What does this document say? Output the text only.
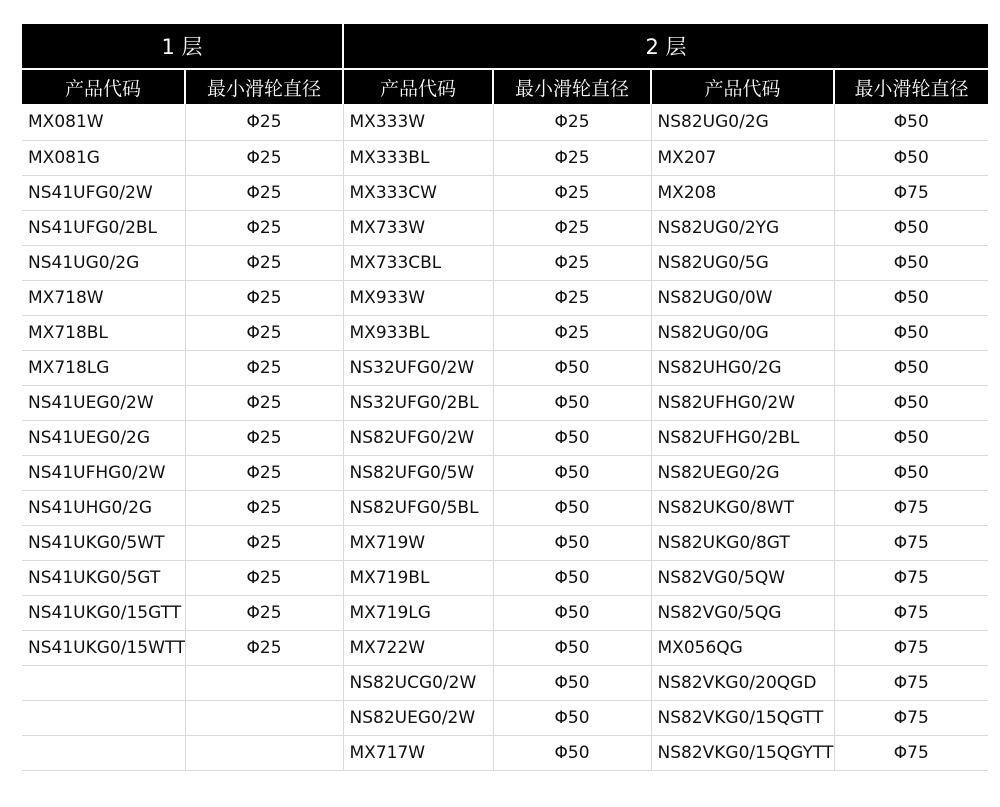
1 层		2 层			
产品代码	最小滑轮直径	产品代码	最小滑轮直径	产品代码	最小滑轮直径
MX081W	Φ25	MX333W	Φ25	NS82UG0/2G	Φ50
MX081G	Φ25	MX333BL	Φ25	MX207	Φ50
NS41UFG0/2W	Φ25	MX333CW	Φ25	MX208	Φ75
NS41UFG0/2BL	Φ25	MX733W	Φ25	NS82UG0/2YG	Φ50
NS41UG0/2G	Φ25	MX733CBL	Φ25	NS82UG0/5G	Φ50
MX718W	Φ25	MX933W	Φ25	NS82UG0/0W	Φ50
MX718BL	Φ25	MX933BL	Φ25	NS82UG0/0G	Φ50
MX718LG	Φ25	NS32UFG0/2W	Φ50	NS82UHG0/2G	Φ50
NS41UEG0/2W	Φ25	NS32UFG0/2BL	Φ50	NS82UFHG0/2W	Φ50
NS41UEG0/2G	Φ25	NS82UFG0/2W	Φ50	NS82UFHG0/2BL	Φ50
NS41UFHG0/2W	Φ25	NS82UFG0/5W	Φ50	NS82UEG0/2G	Φ50
NS41UHG0/2G	Φ25	NS82UFG0/5BL	Φ50	NS82UKG0/8WT	Φ75
NS41UKG0/5WT	Φ25	MX719W	Φ50	NS82UKG0/8GT	Φ75
NS41UKG0/5GT	Φ25	MX719BL	Φ50	NS82VG0/5QW	Φ75
NS41UKG0/15GTT	Φ25	MX719LG	Φ50	NS82VG0/5QG	Φ75
NS41UKG0/15WTT	Φ25	MX722W	Φ50	MX056QG	Φ75
		NS82UCG0/2W	Φ50	NS82VKG0/20QGD	Φ75
		NS82UEG0/2W	Φ50	NS82VKG0/15QGTT	Φ75
		MX717W	Φ50	NS82VKG0/15QGYTT	Φ75
